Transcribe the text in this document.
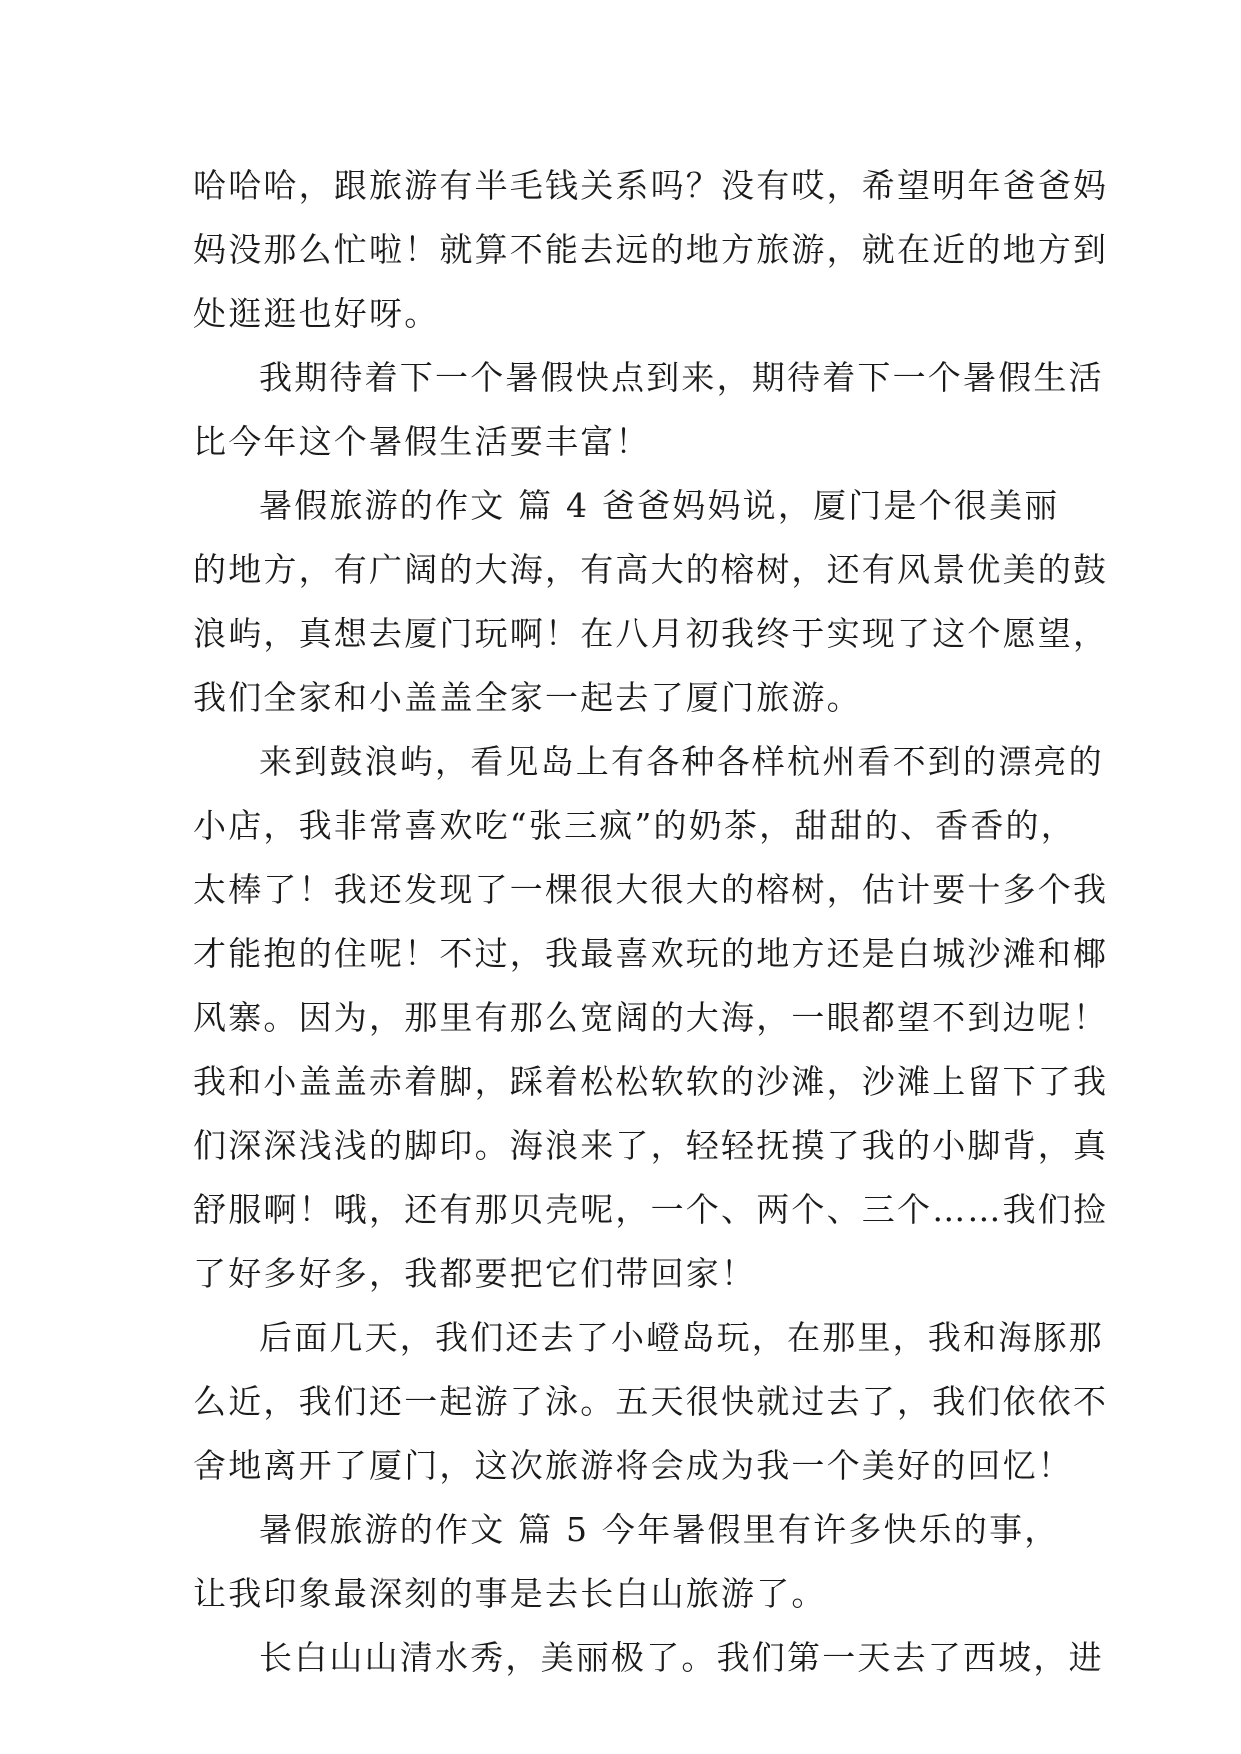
哈哈哈，跟旅游有半毛钱关系吗？没有哎，希望明年爸爸妈
妈没那么忙啦！就算不能去远的地方旅游，就在近的地方到
处逛逛也好呀。
我期待着下一个暑假快点到来，期待着下一个暑假生活
比今年这个暑假生活要丰富！
暑假旅游的作文 篇 4 爸爸妈妈说，厦门是个很美丽
的地方，有广阔的大海，有高大的榕树，还有风景优美的鼓
浪屿，真想去厦门玩啊！在八月初我终于实现了这个愿望，
我们全家和小盖盖全家一起去了厦门旅游。
来到鼓浪屿，看见岛上有各种各样杭州看不到的漂亮的
小店，我非常喜欢吃“张三疯”的奶茶，甜甜的、香香的，
太棒了！我还发现了一棵很大很大的榕树，估计要十多个我
才能抱的住呢！不过，我最喜欢玩的地方还是白城沙滩和椰
风寨。因为，那里有那么宽阔的大海，一眼都望不到边呢！
我和小盖盖赤着脚，踩着松松软软的沙滩，沙滩上留下了我
们深深浅浅的脚印。海浪来了，轻轻抚摸了我的小脚背，真
舒服啊！哦，还有那贝壳呢，一个、两个、三个……我们捡
了好多好多，我都要把它们带回家！
后面几天，我们还去了小嶝岛玩，在那里，我和海豚那
么近，我们还一起游了泳。五天很快就过去了，我们依依不
舍地离开了厦门，这次旅游将会成为我一个美好的回忆！
暑假旅游的作文 篇 5 今年暑假里有许多快乐的事，
让我印象最深刻的事是去长白山旅游了。
长白山山清水秀，美丽极了。我们第一天去了西坡，进
